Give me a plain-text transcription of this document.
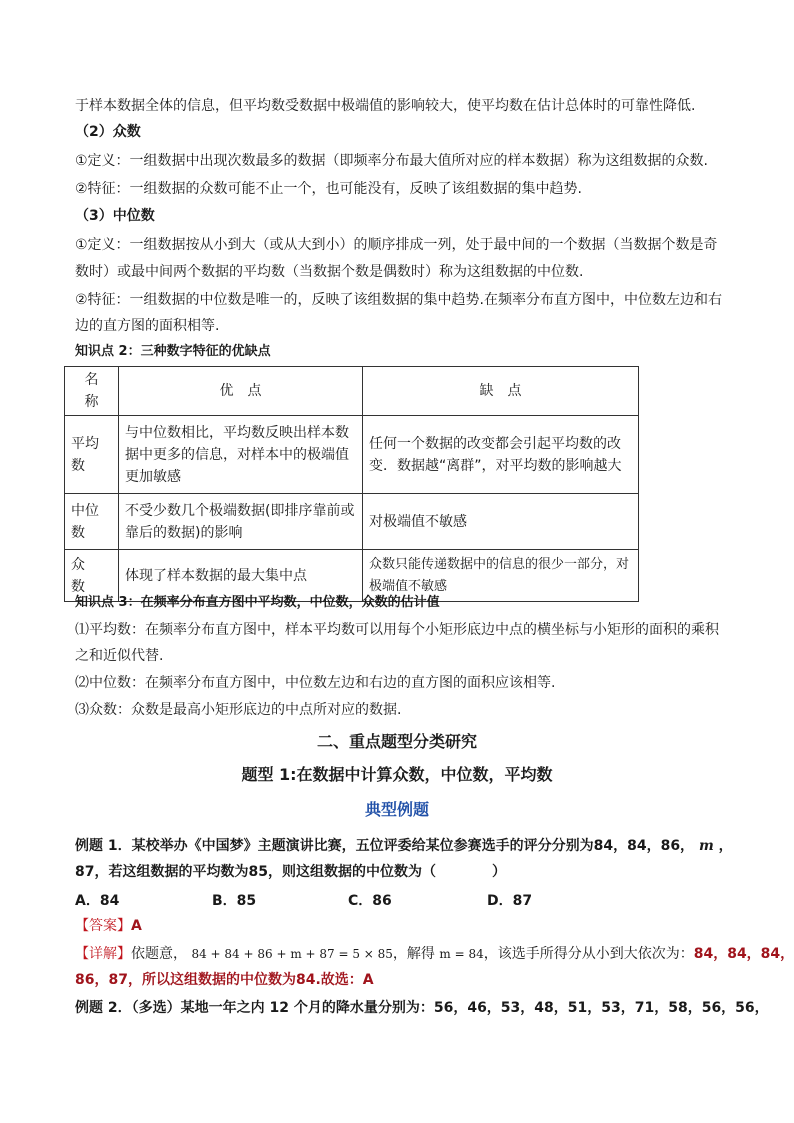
于样本数据全体的信息，但平均数受数据中极端值的影响较大，使平均数在估计总体时的可靠性降低.
（2）众数
①定义：一组数据中出现次数最多的数据（即频率分布最大值所对应的样本数据）称为这组数据的众数.
②特征：一组数据的众数可能不止一个，也可能没有，反映了该组数据的集中趋势.
（3）中位数
①定义：一组数据按从小到大（或从大到小）的顺序排成一列，处于最中间的一个数据（当数据个数是奇
数时）或最中间两个数据的平均数（当数据个数是偶数时）称为这组数据的中位数.
②特征：一组数据的中位数是唯一的，反映了该组数据的集中趋势.在频率分布直方图中，中位数左边和右
边的直方图的面积相等.
知识点 2：三种数字特征的优缺点
名　称	优　点	缺　点
平均数	与中位数相比，平均数反映出样本数据中更多的信息，对样本中的极端值更加敏感	任何一个数据的改变都会引起平均数的改变．数据越“离群”，对平均数的影响越大
中位数	不受少数几个极端数据(即排序靠前或靠后的数据)的影响	对极端值不敏感
众　数	体现了样本数据的最大集中点	众数只能传递数据中的信息的很少一部分，对极端值不敏感
知识点 3：在频率分布直方图中平均数，中位数，众数的估计值
⑴平均数：在频率分布直方图中，样本平均数可以用每个小矩形底边中点的横坐标与小矩形的面积的乘积
之和近似代替.
⑵中位数：在频率分布直方图中，中位数左边和右边的直方图的面积应该相等.
⑶众数：众数是最高小矩形底边的中点所对应的数据.
二、重点题型分类研究
题型 1:在数据中计算众数，中位数，平均数
典型例题
例题 1．某校举办《中国梦》主题演讲比赛，五位评委给某位参赛选手的评分分别为84，84，86， m ，
87，若这组数据的平均数为85，则这组数据的中位数为（　　　　）
A．84	B．85	C．86	D．87
【答案】A
【详解】依题意， 84 + 84 + 86 + m + 87 = 5 × 85，解得 m = 84，该选手所得分从小到大依次为：84，84，84，
86，87，所以这组数据的中位数为84.故选：A
例题 2．（多选）某地一年之内 12 个月的降水量分别为：56，46，53，48，51，53，71，58，56，56，
